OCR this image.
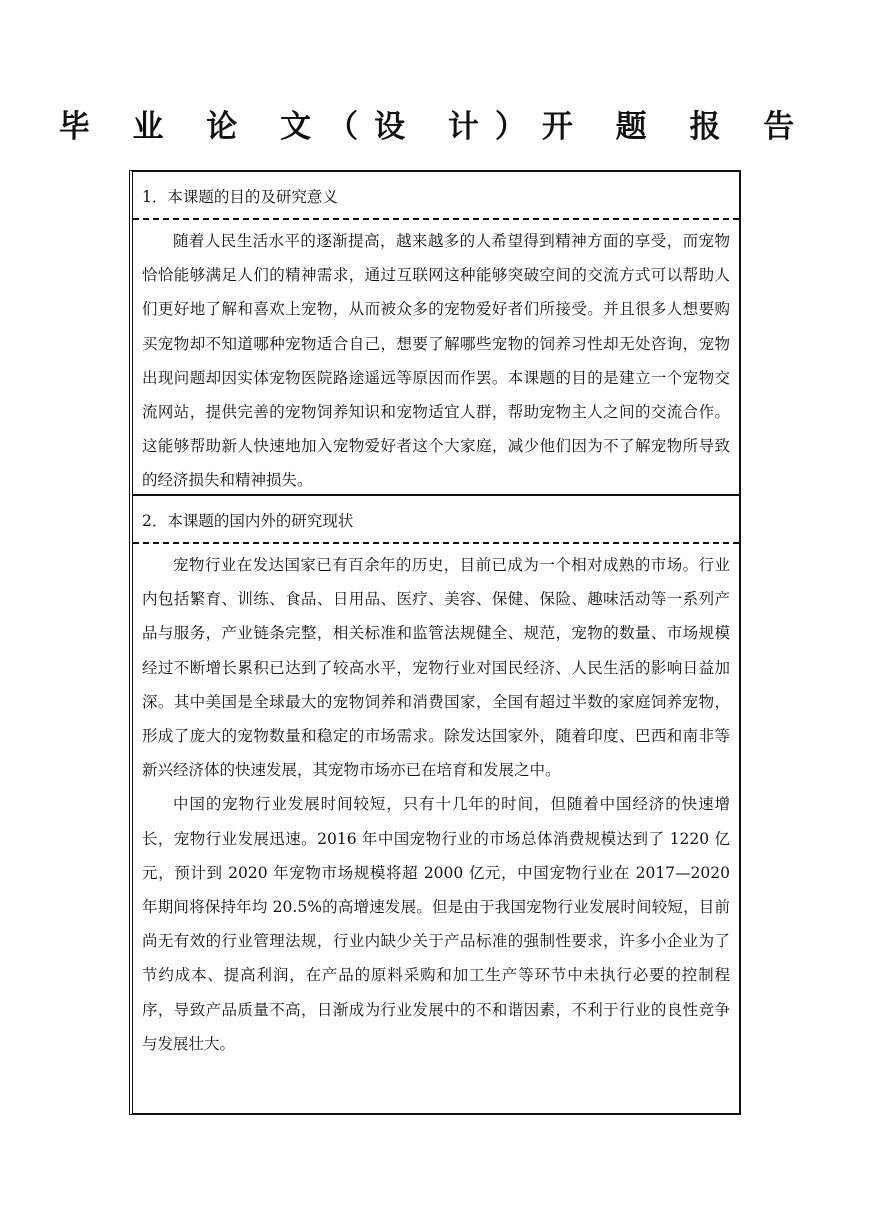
毕 业 论 文（设 计）开 题 报 告
1．本课题的目的及研究意义

随着人民生活水平的逐渐提高，越来越多的人希望得到精神方面的享受，而宠物恰恰能够满足人们的精神需求，通过互联网这种能够突破空间的交流方式可以帮助人们更好地了解和喜欢上宠物，从而被众多的宠物爱好者们所接受。并且很多人想要购买宠物却不知道哪种宠物适合自己，想要了解哪些宠物的饲养习性却无处咨询，宠物出现问题却因实体宠物医院路途遥远等原因而作罢。本课题的目的是建立一个宠物交流网站，提供完善的宠物饲养知识和宠物适宜人群，帮助宠物主人之间的交流合作。这能够帮助新人快速地加入宠物爱好者这个大家庭，减少他们因为不了解宠物所导致的经济损失和精神损失。

2．本课题的国内外的研究现状

宠物行业在发达国家已有百余年的历史，目前已成为一个相对成熟的市场。行业内包括繁育、训练、食品、日用品、医疗、美容、保健、保险、趣味活动等一系列产品与服务，产业链条完整，相关标准和监管法规健全、规范，宠物的数量、市场规模经过不断增长累积已达到了较高水平，宠物行业对国民经济、人民生活的影响日益加深。其中美国是全球最大的宠物饲养和消费国家，全国有超过半数的家庭饲养宠物，形成了庞大的宠物数量和稳定的市场需求。除发达国家外，随着印度、巴西和南非等新兴经济体的快速发展，其宠物市场亦已在培育和发展之中。

中国的宠物行业发展时间较短，只有十几年的时间，但随着中国经济的快速增长，宠物行业发展迅速。2016 年中国宠物行业的市场总体消费规模达到了 1220 亿元，预计到 2020 年宠物市场规模将超 2000 亿元，中国宠物行业在 2017—2020 年期间将保持年均 20.5%的高增速发展。但是由于我国宠物行业发展时间较短，目前尚无有效的行业管理法规，行业内缺少关于产品标准的强制性要求，许多小企业为了节约成本、提高利润，在产品的原料采购和加工生产等环节中未执行必要的控制程序，导致产品质量不高，日渐成为行业发展中的不和谐因素，不利于行业的良性竞争与发展壮大。
